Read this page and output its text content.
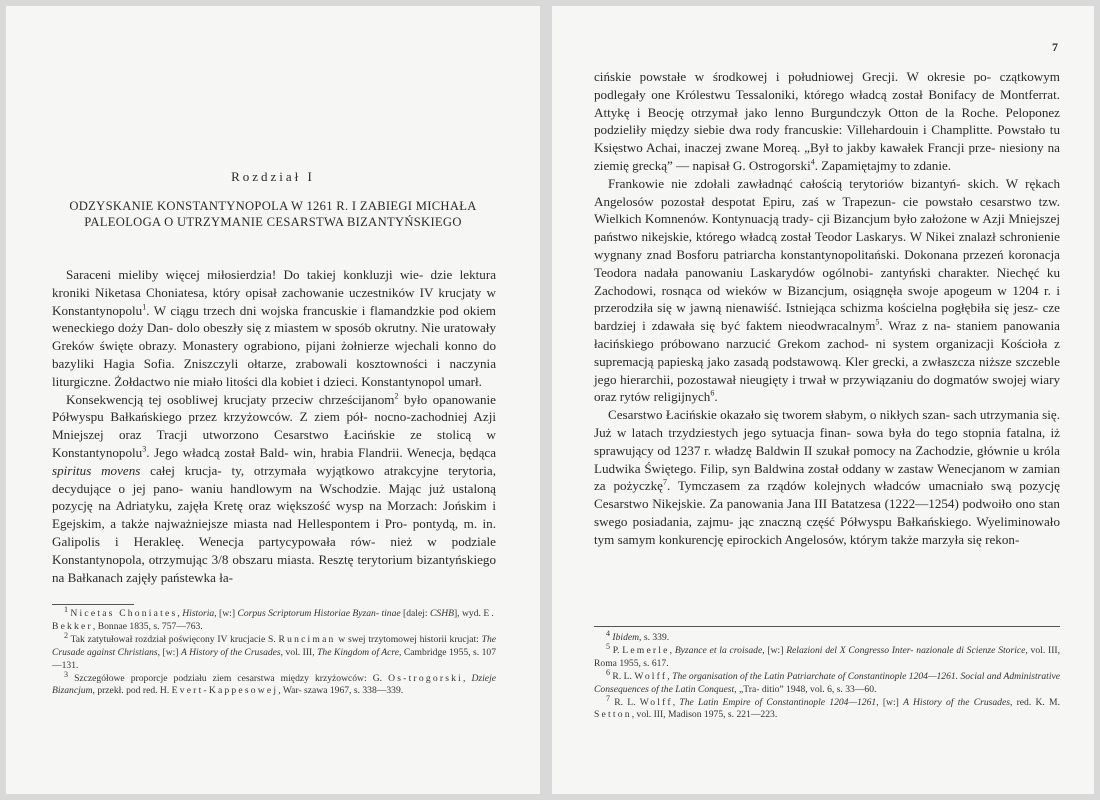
Rozdział I
ODZYSKANIE KONSTANTYNOPOLA W 1261 R. I ZABIEGI MICHAŁA
PALEOLOGA O UTRZYMANIE CESARSTWA BIZANTYŃSKIEGO

Saraceni mieliby więcej miłosierdzia! Do takiej konkluzji wie- dzie lektura kroniki Niketasa Choniatesa, który opisał zachowanie uczestników IV krucjaty w Konstantynopolu$^1$. W ciągu trzech dni wojska francuskie i flamandzkie pod okiem weneckiego doży Dan- dolo obeszły się z miastem w sposób okrutny. Nie uratowały Greków święte obrazy. Monastery ograbiono, pijani żołnierze wjechali konno do bazyliki Hagia Sofia. Zniszczyli ołtarze, zrabowali kosztowności i naczynia liturgiczne. Żołdactwo nie miało litości dla kobiet i dzieci. Konstantynopol umarł.

Konsekwencją tej osobliwej krucjaty przeciw chrześcijanom$^2$ było opanowanie Półwyspu Bałkańskiego przez krzyżowców. Z ziem pół- nocno-zachodniej Azji Mniejszej oraz Tracji utworzono Cesarstwo Łacińskie ze stolicą w Konstantynopolu$^3$. Jego władcą został Bald- win, hrabia Flandrii. Wenecja, będąca spiritus movens całej krucja- ty, otrzymała wyjątkowo atrakcyjne terytoria, decydujące o jej pano- waniu handlowym na Wschodzie. Mając już ustaloną pozycję na Adriatyku, zajęła Kretę oraz większość wysp na Morzach: Jońskim i Egejskim, a także najważniejsze miasta nad Hellespontem i Pro- pontydą, m. in. Galipolis i Herakleę. Wenecja partycypowała rów- nież w podziale Konstantynopola, otrzymując 3/8 obszaru miasta. Resztę terytorium bizantyńskiego na Bałkanach zajęły państewka ła-

$^1$ Nicetas Choniates, Historia, [w:] Corpus Scriptorum Historiae Byzan- tinae [dalej: CSHB], wyd. E. Bekker, Bonnae 1835, s. 757—763.

$^2$ Tak zatytułował rozdział poświęcony IV krucjacie S. Runciman w swej trzytomowej historii krucjat: The Crusade against Christians, [w:] A History of the Crusades, vol. III, The Kingdom of Acre, Cambridge 1955, s. 107—131.

$^3$ Szczegółowe proporcje podziału ziem cesarstwa między krzyżowców: G. Os-trogorski, Dzieje Bizancjum, przekł. pod red. H. Evert-Kappesowej, War- szawa 1967, s. 338—339.

7

cińskie powstałe w środkowej i południowej Grecji. W okresie po- czątkowym podlegały one Królestwu Tessaloniki, którego władcą został Bonifacy de Montferrat. Attykę i Beocję otrzymał jako lenno Burgundczyk Otton de la Roche. Peloponez podzieliły między siebie dwa rody francuskie: Villehardouin i Champlitte. Powstało tu Księstwo Achai, inaczej zwane Moreą. „Był to jakby kawałek Francji prze- niesiony na ziemię grecką” — napisał G. Ostrogorski$^4$. Zapamiętajmy to zdanie.

Frankowie nie zdołali zawładnąć całością terytoriów bizantyń- skich. W rękach Angelosów pozostał despotat Epiru, zaś w Trapezun- cie powstało cesarstwo tzw. Wielkich Komnenów. Kontynuacją trady- cji Bizancjum było założone w Azji Mniejszej państwo nikejskie, którego władcą został Teodor Laskarys. W Nikei znalazł schronienie wygnany znad Bosforu patriarcha konstantynopolitański. Dokonana przezeń koronacja Teodora nadała panowaniu Laskarydów ogólnobi- zantyński charakter. Niechęć ku Zachodowi, rosnąca od wieków w Bizancjum, osiągnęła swoje apogeum w 1204 r. i przerodziła się w jawną nienawiść. Istniejąca schizma kościelna pogłębiła się jesz- cze bardziej i zdawała się być faktem nieodwracalnym$^5$. Wraz z na- staniem panowania łacińskiego próbowano narzucić Grekom zachod- ni system organizacji Kościoła z supremacją papieską jako zasadą podstawową. Kler grecki, a zwłaszcza niższe szczeble jego hierarchii, pozostawał nieugięty i trwał w przywiązaniu do dogmatów swojej wiary oraz rytów religijnych$^6$.

Cesarstwo Łacińskie okazało się tworem słabym, o nikłych szan- sach utrzymania się. Już w latach trzydziestych jego sytuacja finan- sowa była do tego stopnia fatalna, iż sprawujący od 1237 r. władzę Baldwin II szukał pomocy na Zachodzie, głównie u króla Ludwika Świętego. Filip, syn Baldwina został oddany w zastaw Wenecjanom w zamian za pożyczkę$^7$. Tymczasem za rządów kolejnych władców umacniało swą pozycję Cesarstwo Nikejskie. Za panowania Jana III Batatzesa (1222—1254) podwoiło ono stan swego posiadania, zajmu- jąc znaczną część Półwyspu Bałkańskiego. Wyeliminowało tym samym konkurencję epirockich Angelosów, którym także marzyła się rekon-

$^4$ Ibidem, s. 339.

$^5$ P. Lemerle, Byzance et la croisade, [w:] Relazioni del X Congresso Inter- nazionale di Scienze Storice, vol. III, Roma 1955, s. 617.

$^6$ R. L. Wolff, The organisation of the Latin Patriarchate of Constantinople 1204—1261. Social and Administrative Consequences of the Latin Conquest, „Tra- ditio” 1948, vol. 6, s. 33—60.

$^7$ R. L. Wolff, The Latin Empire of Constantinople 1204—1261, [w:] A History of the Crusades, red. K. M. Setton, vol. III, Madison 1975, s. 221—223.
